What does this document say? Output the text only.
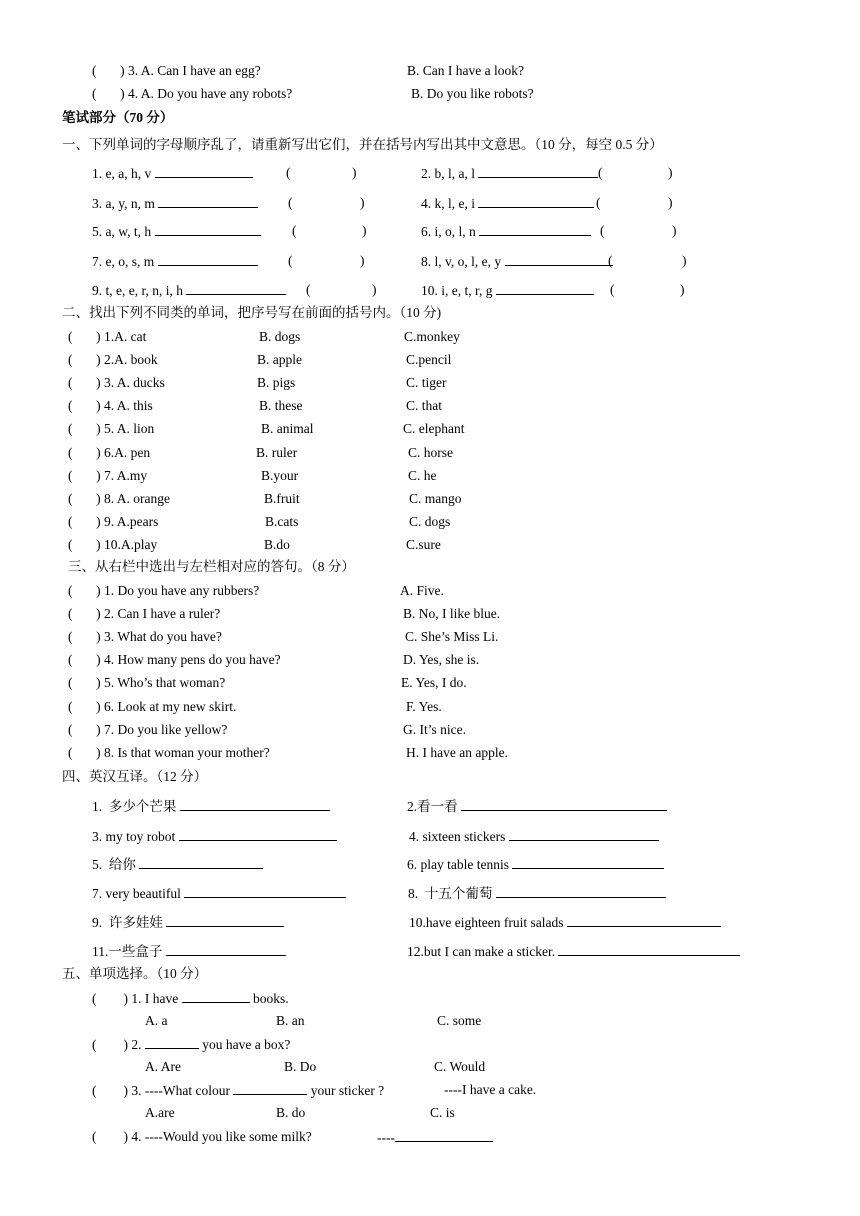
(       ) 3. A. Can I have an egg?	B. Can I have a look?
(       ) 4. A. Do you have any robots?	B. Do you like robots?
笔试部分（70 分）
一、下列单词的字母顺序乱了，请重新写出它们，并在括号内写出其中文意思。（10 分，每空 0.5 分）
1. e, a, h, v	(	)	2. b, l, a, l	(	)
3. a, y, n, m	(	)	4. k, l, e, i	(	)
5. a, w, t, h	(	)	6. i, o, l, n	(	)
7. e, o, s, m	(	)	8. l, v, o, l, e, y	(	)
9. t, e, e, r, n, i, h	(	)	10. i, e, t, r, g	(	)
二、找出下列不同类的单词，把序号写在前面的括号内。（10 分)
(       ) 1.A. cat	B. dogs	C.monkey
(       ) 2.A. book	B. apple	C.pencil
(       ) 3. A. ducks	B. pigs	C. tiger
(       ) 4. A. this	B. these	C. that
(       ) 5. A. lion	B. animal	C. elephant
(       ) 6.A. pen	B. ruler	C. horse
(       ) 7. A.my	B.your	C. he
(       ) 8. A. orange	B.fruit	C. mango
(       ) 9. A.pears	B.cats	C. dogs
(       ) 10.A.play	B.do	C.sure
三、从右栏中选出与左栏相对应的答句。（8 分）
(       ) 1. Do you have any rubbers?	A. Five.
(       ) 2. Can I have a ruler?	B. No, I like blue.
(       ) 3. What do you have?	C. She’s Miss Li.
(       ) 4. How many pens do you have?	D. Yes, she is.
(       ) 5. Who’s that woman?	E. Yes, I do.
(       ) 6. Look at my new skirt.	F. Yes.
(       ) 7. Do you like yellow?	G. It’s nice.
(       ) 8. Is that woman your mother?	H. I have an apple.
四、英汉互译。（12 分）
1.  多少个芒果	2.看一看
3. my toy robot	4. sixteen stickers
5.  给你	6. play table tennis
7. very beautiful	8.  十五个葡萄
9.  许多娃娃	10.have eighteen fruit salads
11.一些盒子	12.but I can make a sticker.
五、单项选择。（10 分）
(        ) 1. I have	books.
A. a	B. an	C. some
(        ) 2.	you have a box?
A. Are	B. Do	C. Would
(        ) 3. ----What colour	your sticker ?	----I have a cake.
A.are	B. do	C. is
(        ) 4. ----Would you like some milk?	----
